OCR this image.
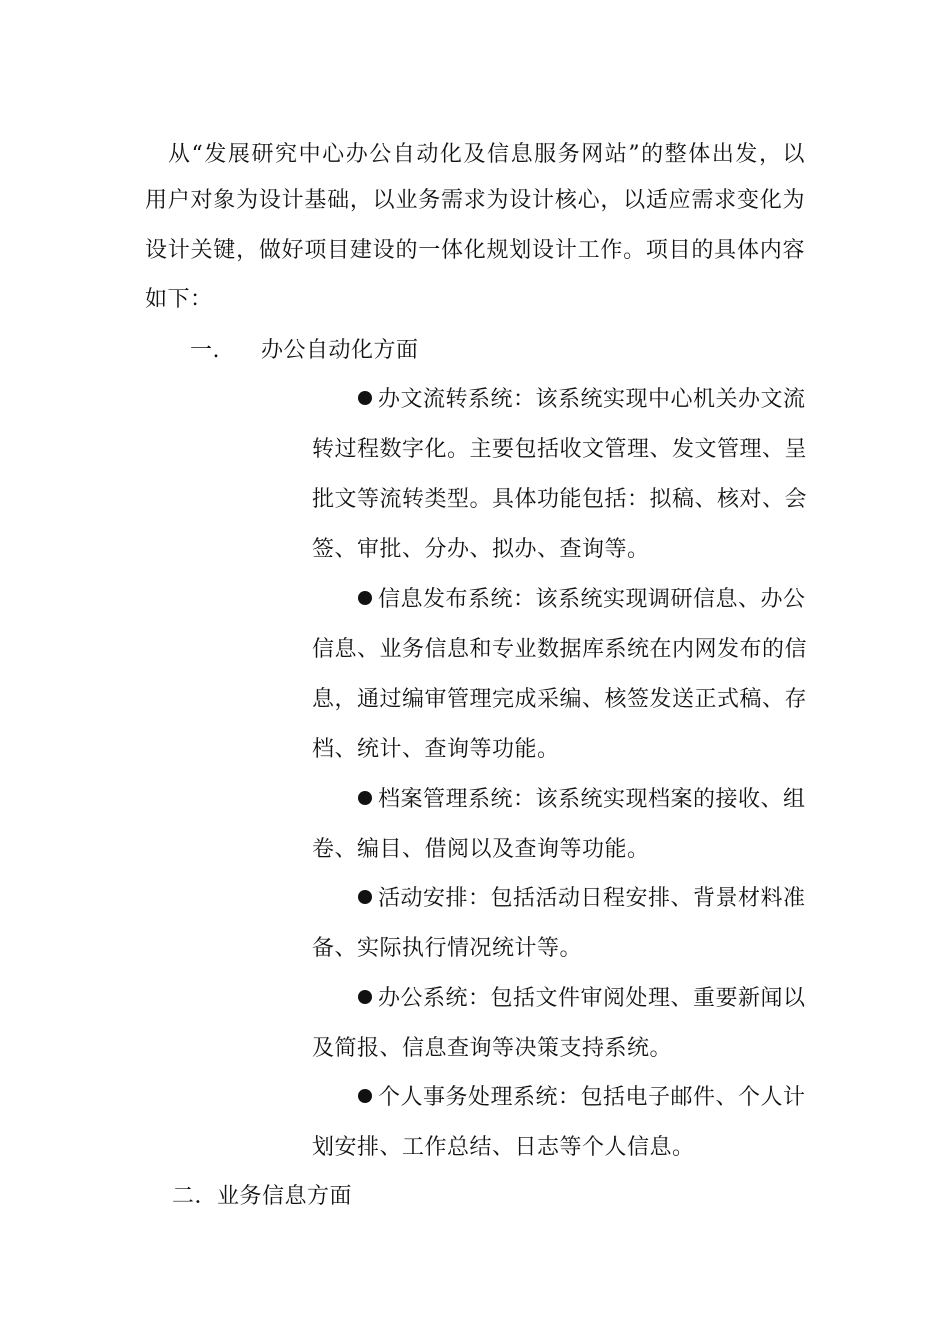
从“发展研究中心办公自动化及信息服务网站”的整体出发，以
用户对象为设计基础，以业务需求为设计核心，以适应需求变化为
设计关键，做好项目建设的一体化规划设计工作。项目的具体内容
如下：
一. 办公自动化方面
办文流转系统：该系统实现中心机关办文流
转过程数字化。主要包括收文管理、发文管理、呈
批文等流转类型。具体功能包括：拟稿、核对、会
签、审批、分办、拟办、查询等。
信息发布系统：该系统实现调研信息、办公
信息、业务信息和专业数据库系统在内网发布的信
息，通过编审管理完成采编、核签发送正式稿、存
档、统计、查询等功能。
档案管理系统：该系统实现档案的接收、组
卷、编目、借阅以及查询等功能。
活动安排：包括活动日程安排、背景材料准
备、实际执行情况统计等。
办公系统：包括文件审阅处理、重要新闻以
及简报、信息查询等决策支持系统。
个人事务处理系统：包括电子邮件、个人计
划安排、工作总结、日志等个人信息。
二．业务信息方面
